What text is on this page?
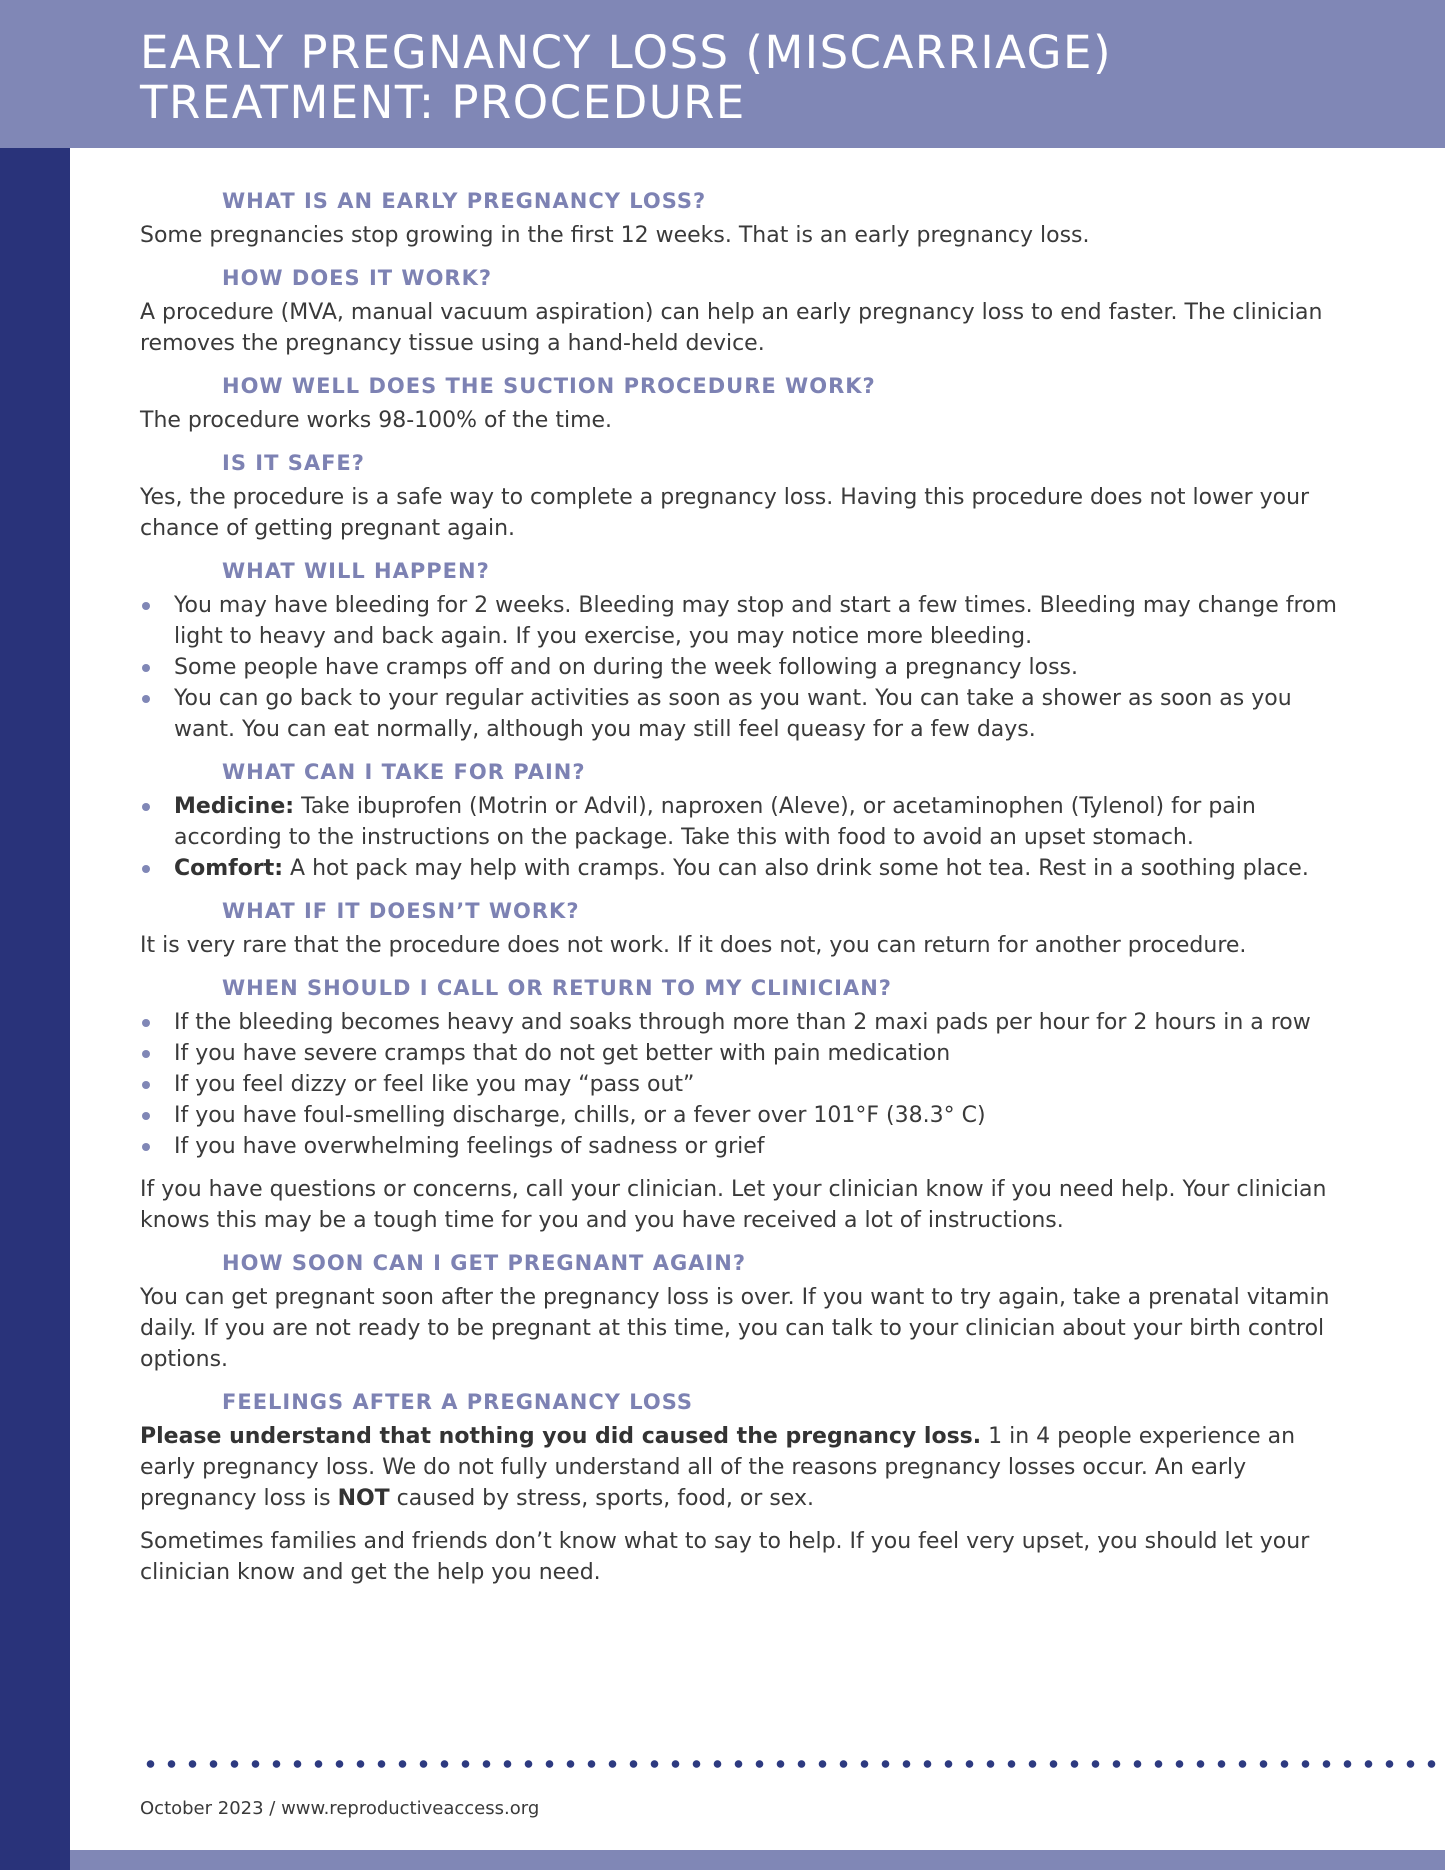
EARLY PREGNANCY LOSS (MISCARRIAGE) TREATMENT: PROCEDURE
WHAT IS AN EARLY PREGNANCY LOSS?

Some pregnancies stop growing in the first 12 weeks. That is an early pregnancy loss.

HOW DOES IT WORK?

A procedure (MVA, manual vacuum aspiration) can help an early pregnancy loss to end faster. The clinician removes the pregnancy tissue using a hand-held device.

HOW WELL DOES THE SUCTION PROCEDURE WORK?

The procedure works 98-100% of the time.

IS IT SAFE?

Yes, the procedure is a safe way to complete a pregnancy loss. Having this procedure does not lower your chance of getting pregnant again.

WHAT WILL HAPPEN?
You may have bleeding for 2 weeks. Bleeding may stop and start a few times. Bleeding may change from light to heavy and back again. If you exercise, you may notice more bleeding.
Some people have cramps off and on during the week following a pregnancy loss.
You can go back to your regular activities as soon as you want. You can take a shower as soon as you want. You can eat normally, although you may still feel queasy for a few days.
WHAT CAN I TAKE FOR PAIN?
Medicine: Take ibuprofen (Motrin or Advil), naproxen (Aleve), or acetaminophen (Tylenol) for pain according to the instructions on the package. Take this with food to avoid an upset stomach.
Comfort: A hot pack may help with cramps. You can also drink some hot tea. Rest in a soothing place.
WHAT IF IT DOESN’T WORK?

It is very rare that the procedure does not work. If it does not, you can return for another procedure.

WHEN SHOULD I CALL OR RETURN TO MY CLINICIAN?
If the bleeding becomes heavy and soaks through more than 2 maxi pads per hour for 2 hours in a row
If you have severe cramps that do not get better with pain medication
If you feel dizzy or feel like you may “pass out”
If you have foul-smelling discharge, chills, or a fever over 101°F (38.3° C)
If you have overwhelming feelings of sadness or grief

If you have questions or concerns, call your clinician. Let your clinician know if you need help. Your clinician knows this may be a tough time for you and you have received a lot of instructions.

HOW SOON CAN I GET PREGNANT AGAIN?

You can get pregnant soon after the pregnancy loss is over. If you want to try again, take a prenatal vitamin daily. If you are not ready to be pregnant at this time, you can talk to your clinician about your birth control options.

FEELINGS AFTER A PREGNANCY LOSS

Please understand that nothing you did caused the pregnancy loss. 1 in 4 people experience an early pregnancy loss. We do not fully understand all of the reasons pregnancy losses occur. An early pregnancy loss is NOT caused by stress, sports, food, or sex.

Sometimes families and friends don’t know what to say to help. If you feel very upset, you should let your clinician know and get the help you need.

October 2023 / www.reproductiveaccess.org
